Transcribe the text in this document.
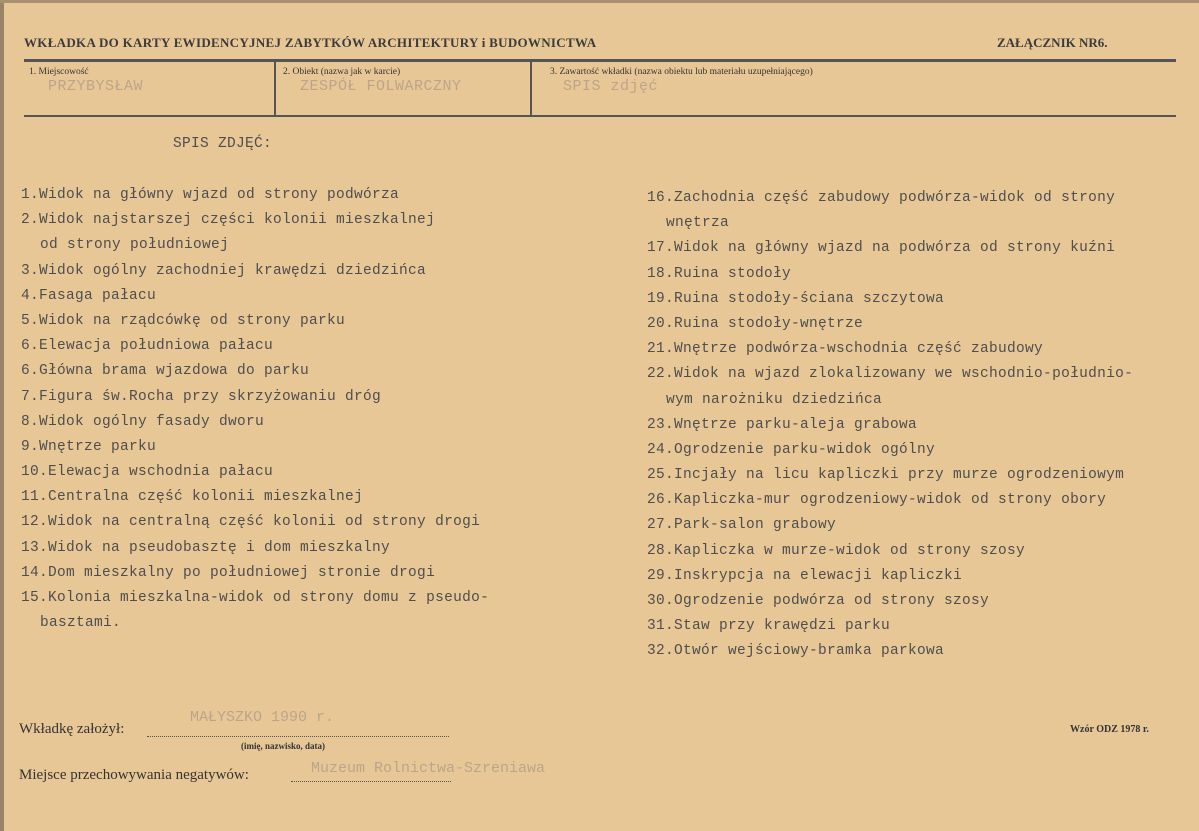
WKŁADKA DO KARTY EWIDENCYJNEJ ZABYTKÓW ARCHITEKTURY i BUDOWNICTWA	ZAŁĄCZNIK NR6.
1. Miejscowość
PRZYBYSŁAW
2. Obiekt (nazwa jak w karcie)
ZESPÓŁ FOLWARCZNY
3. Zawartość wkładki (nazwa obiektu lub materiału uzupełniającego)
SPIS zdjęć
SPIS ZDJĘĆ:
1.Widok na główny wjazd od strony podwórza
2.Widok najstarszej części kolonii mieszkalnej
od strony południowej
3.Widok ogólny zachodniej krawędzi dziedzińca
4.Fasaga pałacu
5.Widok na rządcówkę od strony parku
6.Elewacja południowa pałacu
6.Główna brama wjazdowa do parku
7.Figura św.Rocha przy skrzyżowaniu dróg
8.Widok ogólny fasady dworu
9.Wnętrze parku
10.Elewacja wschodnia pałacu
11.Centralna część kolonii mieszkalnej
12.Widok na centralną część kolonii od strony drogi
13.Widok na pseudobasztę i dom mieszkalny
14.Dom mieszkalny po południowej stronie drogi
15.Kolonia mieszkalna-widok od strony domu z pseudo-
basztami.
16.Zachodnia część zabudowy podwórza-widok od strony
wnętrza
17.Widok na główny wjazd na podwórza od strony kuźni
18.Ruina stodoły
19.Ruina stodoły-ściana szczytowa
20.Ruina stodoły-wnętrze
21.Wnętrze podwórza-wschodnia część zabudowy
22.Widok na wjazd zlokalizowany we wschodnio-południo-
wym narożniku dziedzińca
23.Wnętrze parku-aleja grabowa
24.Ogrodzenie parku-widok ogólny
25.Incjały na licu kapliczki przy murze ogrodzeniowym
26.Kapliczka-mur ogrodzeniowy-widok od strony obory
27.Park-salon grabowy
28.Kapliczka w murze-widok od strony szosy
29.Inskrypcja na elewacji kapliczki
30.Ogrodzenie podwórza od strony szosy
31.Staw przy krawędzi parku
32.Otwór wejściowy-bramka parkowa
Wkładkę założył:
MAŁYSZKO 1990 r.
(imię, nazwisko, data)
Miejsce przechowywania negatywów:	Muzeum Rolnictwa-Szreniawa
Wzór ODZ 1978 r.
